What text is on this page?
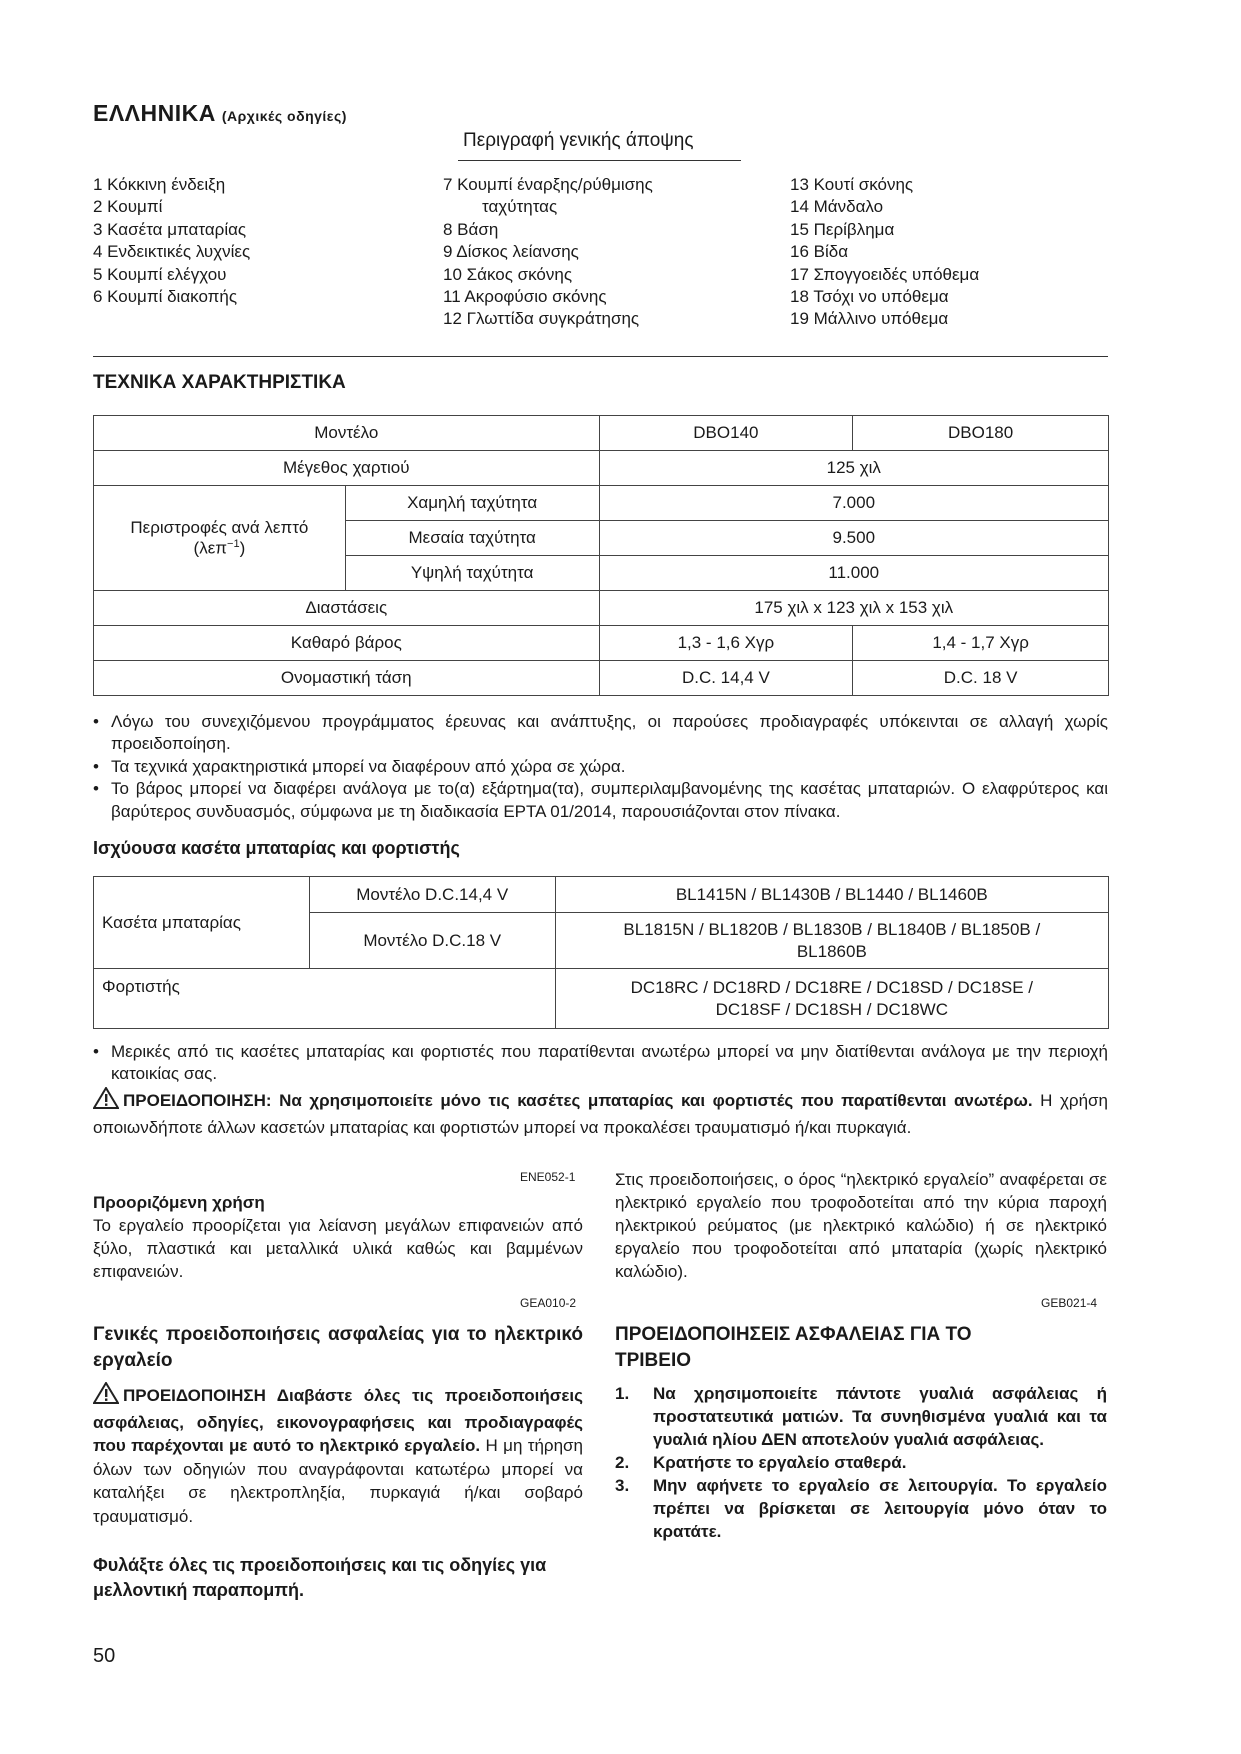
ΕΛΛΗΝΙΚΑ (Αρχικές οδηγίες)
Περιγραφή γενικής άποψης
1 Κόκκινη ένδειξη
2 Κουμπί
3 Κασέτα μπαταρίας
4 Ενδεικτικές λυχνίες
5 Κουμπί ελέγχου
6 Κουμπί διακοπής
7 Κουμπί έναρξης/ρύθμισης
ταχύτητας
8 Βάση
9 Δίσκος λείανσης
10 Σάκος σκόνης
11 Ακροφύσιο σκόνης
12 Γλωττίδα συγκράτησης
13 Κουτί σκόνης
14 Μάνδαλο
15 Περίβλημα
16 Βίδα
17 Σπογγοειδές υπόθεμα
18 Τσόχι νο υπόθεμα
19 Μάλλινο υπόθεμα
ΤΕΧΝΙΚΑ ΧΑΡΑΚΤΗΡΙΣΤΙΚΑ
Μοντέλο		DBO140	DBO180
Μέγεθος χαρτιού		125 χιλ	

Περιστροφές ανά λεπτό
(λεπ$^{-1}$)	Χαμηλή ταχύτητα	7.000	
	Μεσαία ταχύτητα	9.500	
	Υψηλή ταχύτητα	11.000	
Διαστάσεις		175 χιλ x 123 χιλ x 153 χιλ	
Καθαρό βάρος		1,3 - 1,6 Χγρ	1,4 - 1,7 Χγρ
Ονομαστική τάση		D.C. 14,4 V	D.C. 18 V
• Λόγω του συνεχιζόμενου προγράμματος έρευνας και ανάπτυξης, οι παρούσες προδιαγραφές υπόκεινται σε αλλαγή χωρίς προειδοποίηση.
• Τα τεχνικά χαρακτηριστικά μπορεί να διαφέρουν από χώρα σε χώρα.
• Το βάρος μπορεί να διαφέρει ανάλογα με το(α) εξάρτημα(τα), συμπεριλαμβανομένης της κασέτας μπαταριών. Ο ελαφρύτερος και βαρύτερος συνδυασμός, σύμφωνα με τη διαδικασία EPTA 01/2014, παρουσιάζονται στον πίνακα.
Ισχύουσα κασέτα μπαταρίας και φορτιστής
Κασέτα μπαταρίας	Μοντέλο D.C.14,4 V	BL1415N / BL1430B / BL1440 / BL1460B
	Μοντέλο D.C.18 V	BL1815N / BL1820B / BL1830B / BL1840B / BL1850B /
BL1860B

Φορτιστής		DC18RC / DC18RD / DC18RE / DC18SD / DC18SE /
DC18SF / DC18SH / DC18WC
• Μερικές από τις κασέτες μπαταρίας και φορτιστές που παρατίθενται ανωτέρω μπορεί να μην διατίθενται ανάλογα με την περιοχή κατοικίας σας.
ΠΡΟΕΙΔΟΠΟΙΗΣΗ: Να χρησιμοποιείτε μόνο τις κασέτες μπαταρίας και φορτιστές που παρατίθενται ανωτέρω. Η χρήση οποιωνδήποτε άλλων κασετών μπαταρίας και φορτιστών μπορεί να προκαλέσει τραυματισμό ή/και πυρκαγιά.
ENE052-1
Προοριζόμενη χρήση
Το εργαλείο προορίζεται για λείανση μεγάλων επιφανειών από ξύλο, πλαστικά και μεταλλικά υλικά καθώς και βαμμένων επιφανειών.
GEA010-2
Γενικές προειδοποιήσεις ασφαλείας για το ηλεκτρικό εργαλείο
ΠΡΟΕΙΔΟΠΟΙΗΣΗ Διαβάστε όλες τις προειδοποιήσεις ασφάλειας, οδηγίες, εικονογραφήσεις και προδιαγραφές που παρέχονται με αυτό το ηλεκτρικό εργαλείο. Η μη τήρηση όλων των οδηγιών που αναγράφονται κατωτέρω μπορεί να καταλήξει σε ηλεκτροπληξία, πυρκαγιά ή/και σοβαρό τραυματισμό.
Φυλάξτε όλες τις προειδοποιήσεις και τις οδηγίες για μελλοντική παραπομπή.
Στις προειδοποιήσεις, ο όρος “ηλεκτρικό εργαλείο” αναφέρεται σε ηλεκτρικό εργαλείο που τροφοδοτείται από την κύρια παροχή ηλεκτρικού ρεύματος (με ηλεκτρικό καλώδιο) ή σε ηλεκτρικό εργαλείο που τροφοδοτείται από μπαταρία (χωρίς ηλεκτρικό καλώδιο).
GEB021-4
ΠΡΟΕΙΔΟΠΟΙΗΣΕΙΣ ΑΣΦΑΛΕΙΑΣ ΓΙΑ ΤΟ ΤΡΙΒΕΙΟ
1. Να χρησιμοποιείτε πάντοτε γυαλιά ασφάλειας ή προστατευτικά ματιών. Τα συνηθισμένα γυαλιά και τα γυαλιά ηλίου ΔΕΝ αποτελούν γυαλιά ασφάλειας.
2. Κρατήστε το εργαλείο σταθερά.
3. Μην αφήνετε το εργαλείο σε λειτουργία. Το εργαλείο πρέπει να βρίσκεται σε λειτουργία μόνο όταν το κρατάτε.
50
